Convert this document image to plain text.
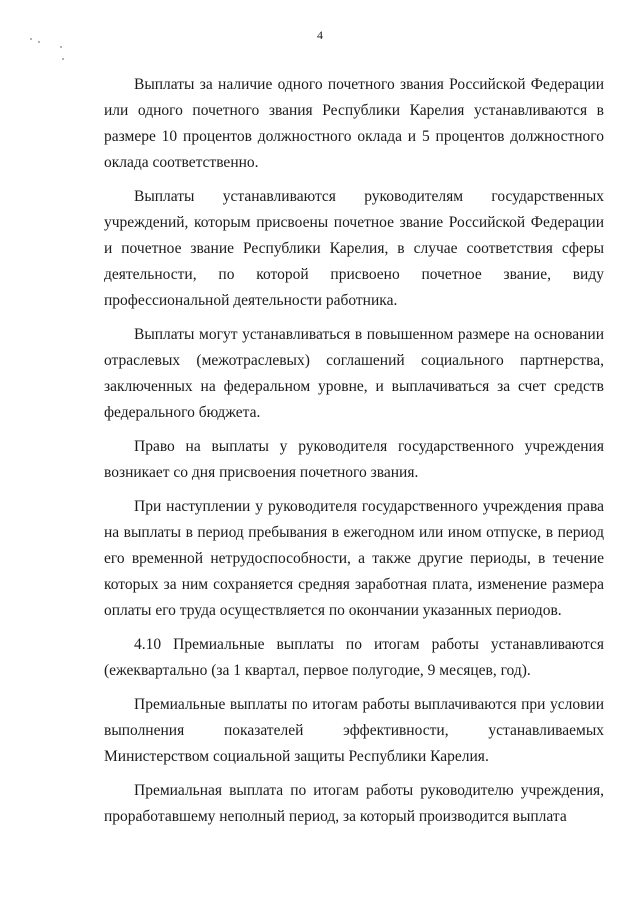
4

Выплаты за наличие одного почетного звания Российской Федерации или одного почетного звания Республики Карелия устанавливаются в размере 10 процентов должностного оклада и 5 процентов должностного оклада соответственно.

Выплаты устанавливаются руководителям государственных учреждений, которым присвоены почетное звание Российской Федерации и почетное звание Республики Карелия, в случае соответствия сферы деятельности, по которой присвоено почетное звание, виду профессиональной деятельности работника.

Выплаты могут устанавливаться в повышенном размере на основании отраслевых (межотраслевых) соглашений социального партнерства, заключенных на федеральном уровне, и выплачиваться за счет средств федерального бюджета.

Право на выплаты у руководителя государственного учреждения возникает со дня присвоения почетного звания.

При наступлении у руководителя государственного учреждения права на выплаты в период пребывания в ежегодном или ином отпуске, в период его временной нетрудоспособности, а также другие периоды, в течение которых за ним сохраняется средняя заработная плата, изменение размера оплаты его труда осуществляется по окончании указанных периодов.

4.10 Премиальные выплаты по итогам работы устанавливаются (ежеквартально (за 1 квартал, первое полугодие, 9 месяцев, год).

Премиальные выплаты по итогам работы выплачиваются при условии выполнения показателей эффективности, устанавливаемых Министерством социальной защиты Республики Карелия.

Премиальная выплата по итогам работы руководителю учреждения, проработавшему неполный период, за который производится выплата
